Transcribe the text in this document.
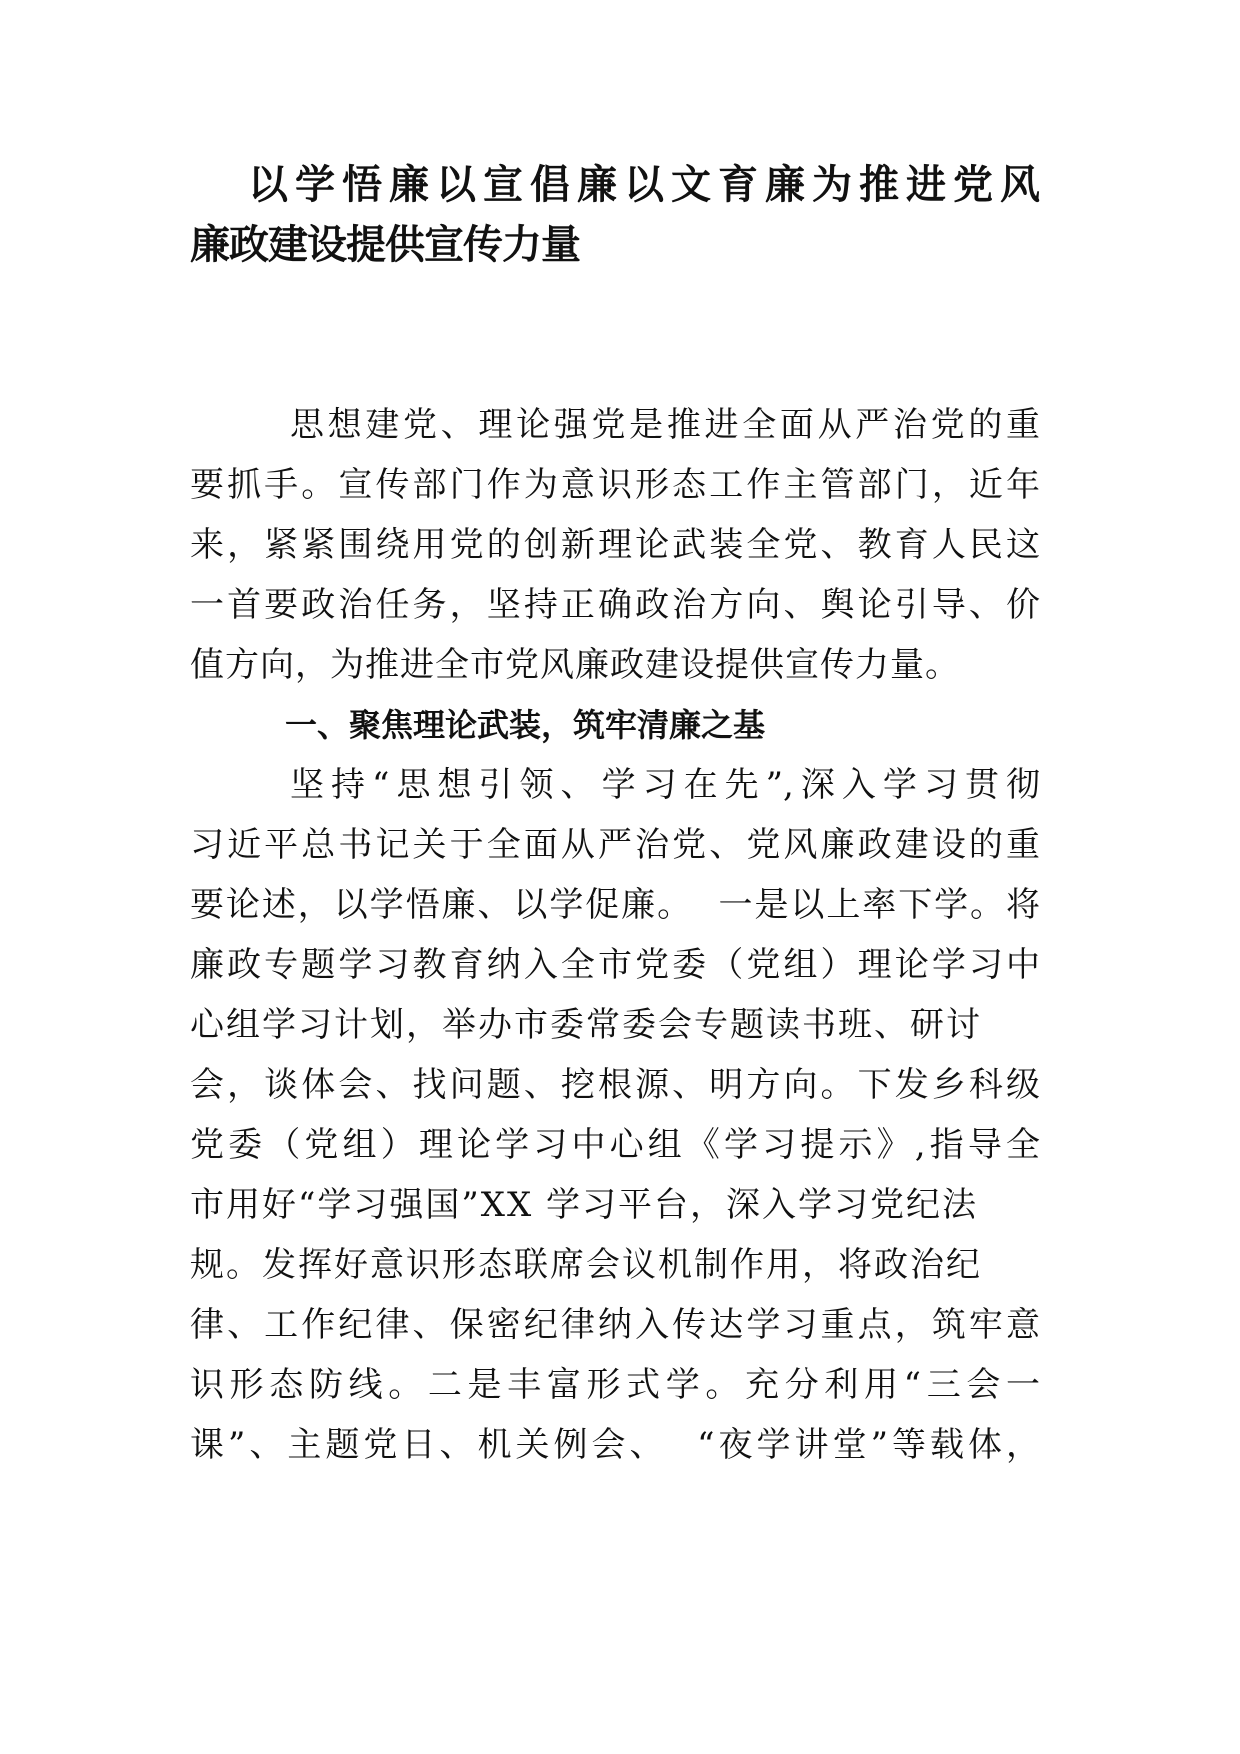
以学悟廉以宣倡廉以文育廉为推进党风
廉政建设提供宣传力量
思想建党、理论强党是推进全面从严治党的重
要抓手。宣传部门作为意识形态工作主管部门，近年
来，紧紧围绕用党的创新理论武装全党、教育人民这
一首要政治任务，坚持正确政治方向、舆论引导、价
值方向，为推进全市党风廉政建设提供宣传力量。
一、聚焦理论武装，筑牢清廉之基
坚持“思想引领、学习在先”,深入学习贯彻
习近平总书记关于全面从严治党、党风廉政建设的重
要论述，以学悟廉、以学促廉。  一是以上率下学。将
廉政专题学习教育纳入全市党委（党组）理论学习中
心组学习计划，举办市委常委会专题读书班、研讨
会，谈体会、找问题、挖根源、明方向。下发乡科级
党委（党组）理论学习中心组《学习提示》,指导全
市用好“学习强国”XX 学习平台，深入学习党纪法
规。发挥好意识形态联席会议机制作用，将政治纪
律、工作纪律、保密纪律纳入传达学习重点，筑牢意
识形态防线。二是丰富形式学。充分利用“三会一
课”、主题党日、机关例会、  “夜学讲堂”等载体，
